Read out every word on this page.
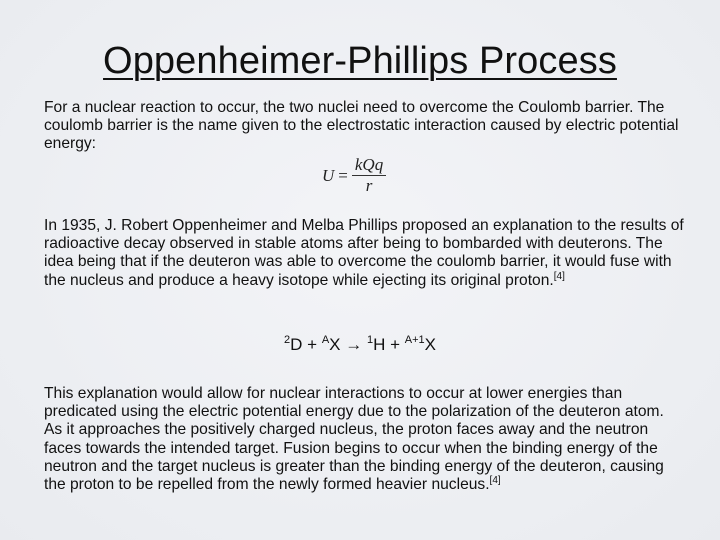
Oppenheimer-Phillips Process
For a nuclear reaction to occur, the two nuclei need to overcome the Coulomb barrier. The coulomb barrier is the name given to the electrostatic interaction caused by electric potential energy:
$U = \frac{\text{kQq}}{r}$
In 1935, J. Robert Oppenheimer and Melba Phillips proposed an explanation to the results of radioactive decay observed in stable atoms after being to bombarded with deuterons. The idea being that if the deuteron was able to overcome the coulomb barrier, it would fuse with the nucleus and produce a heavy isotope while ejecting its original proton.[4]
$^2$D + $^A$X → $^1$H + $^{A+1}$X
This explanation would allow for nuclear interactions to occur at lower energies than predicated using the electric potential energy due to the polarization of the deuteron atom. As it approaches the positively charged nucleus, the proton faces away and the neutron faces towards the intended target. Fusion begins to occur when the binding energy of the neutron and the target nucleus is greater than the binding energy of the deuteron, causing the proton to be repelled from the newly formed heavier nucleus.[4]
